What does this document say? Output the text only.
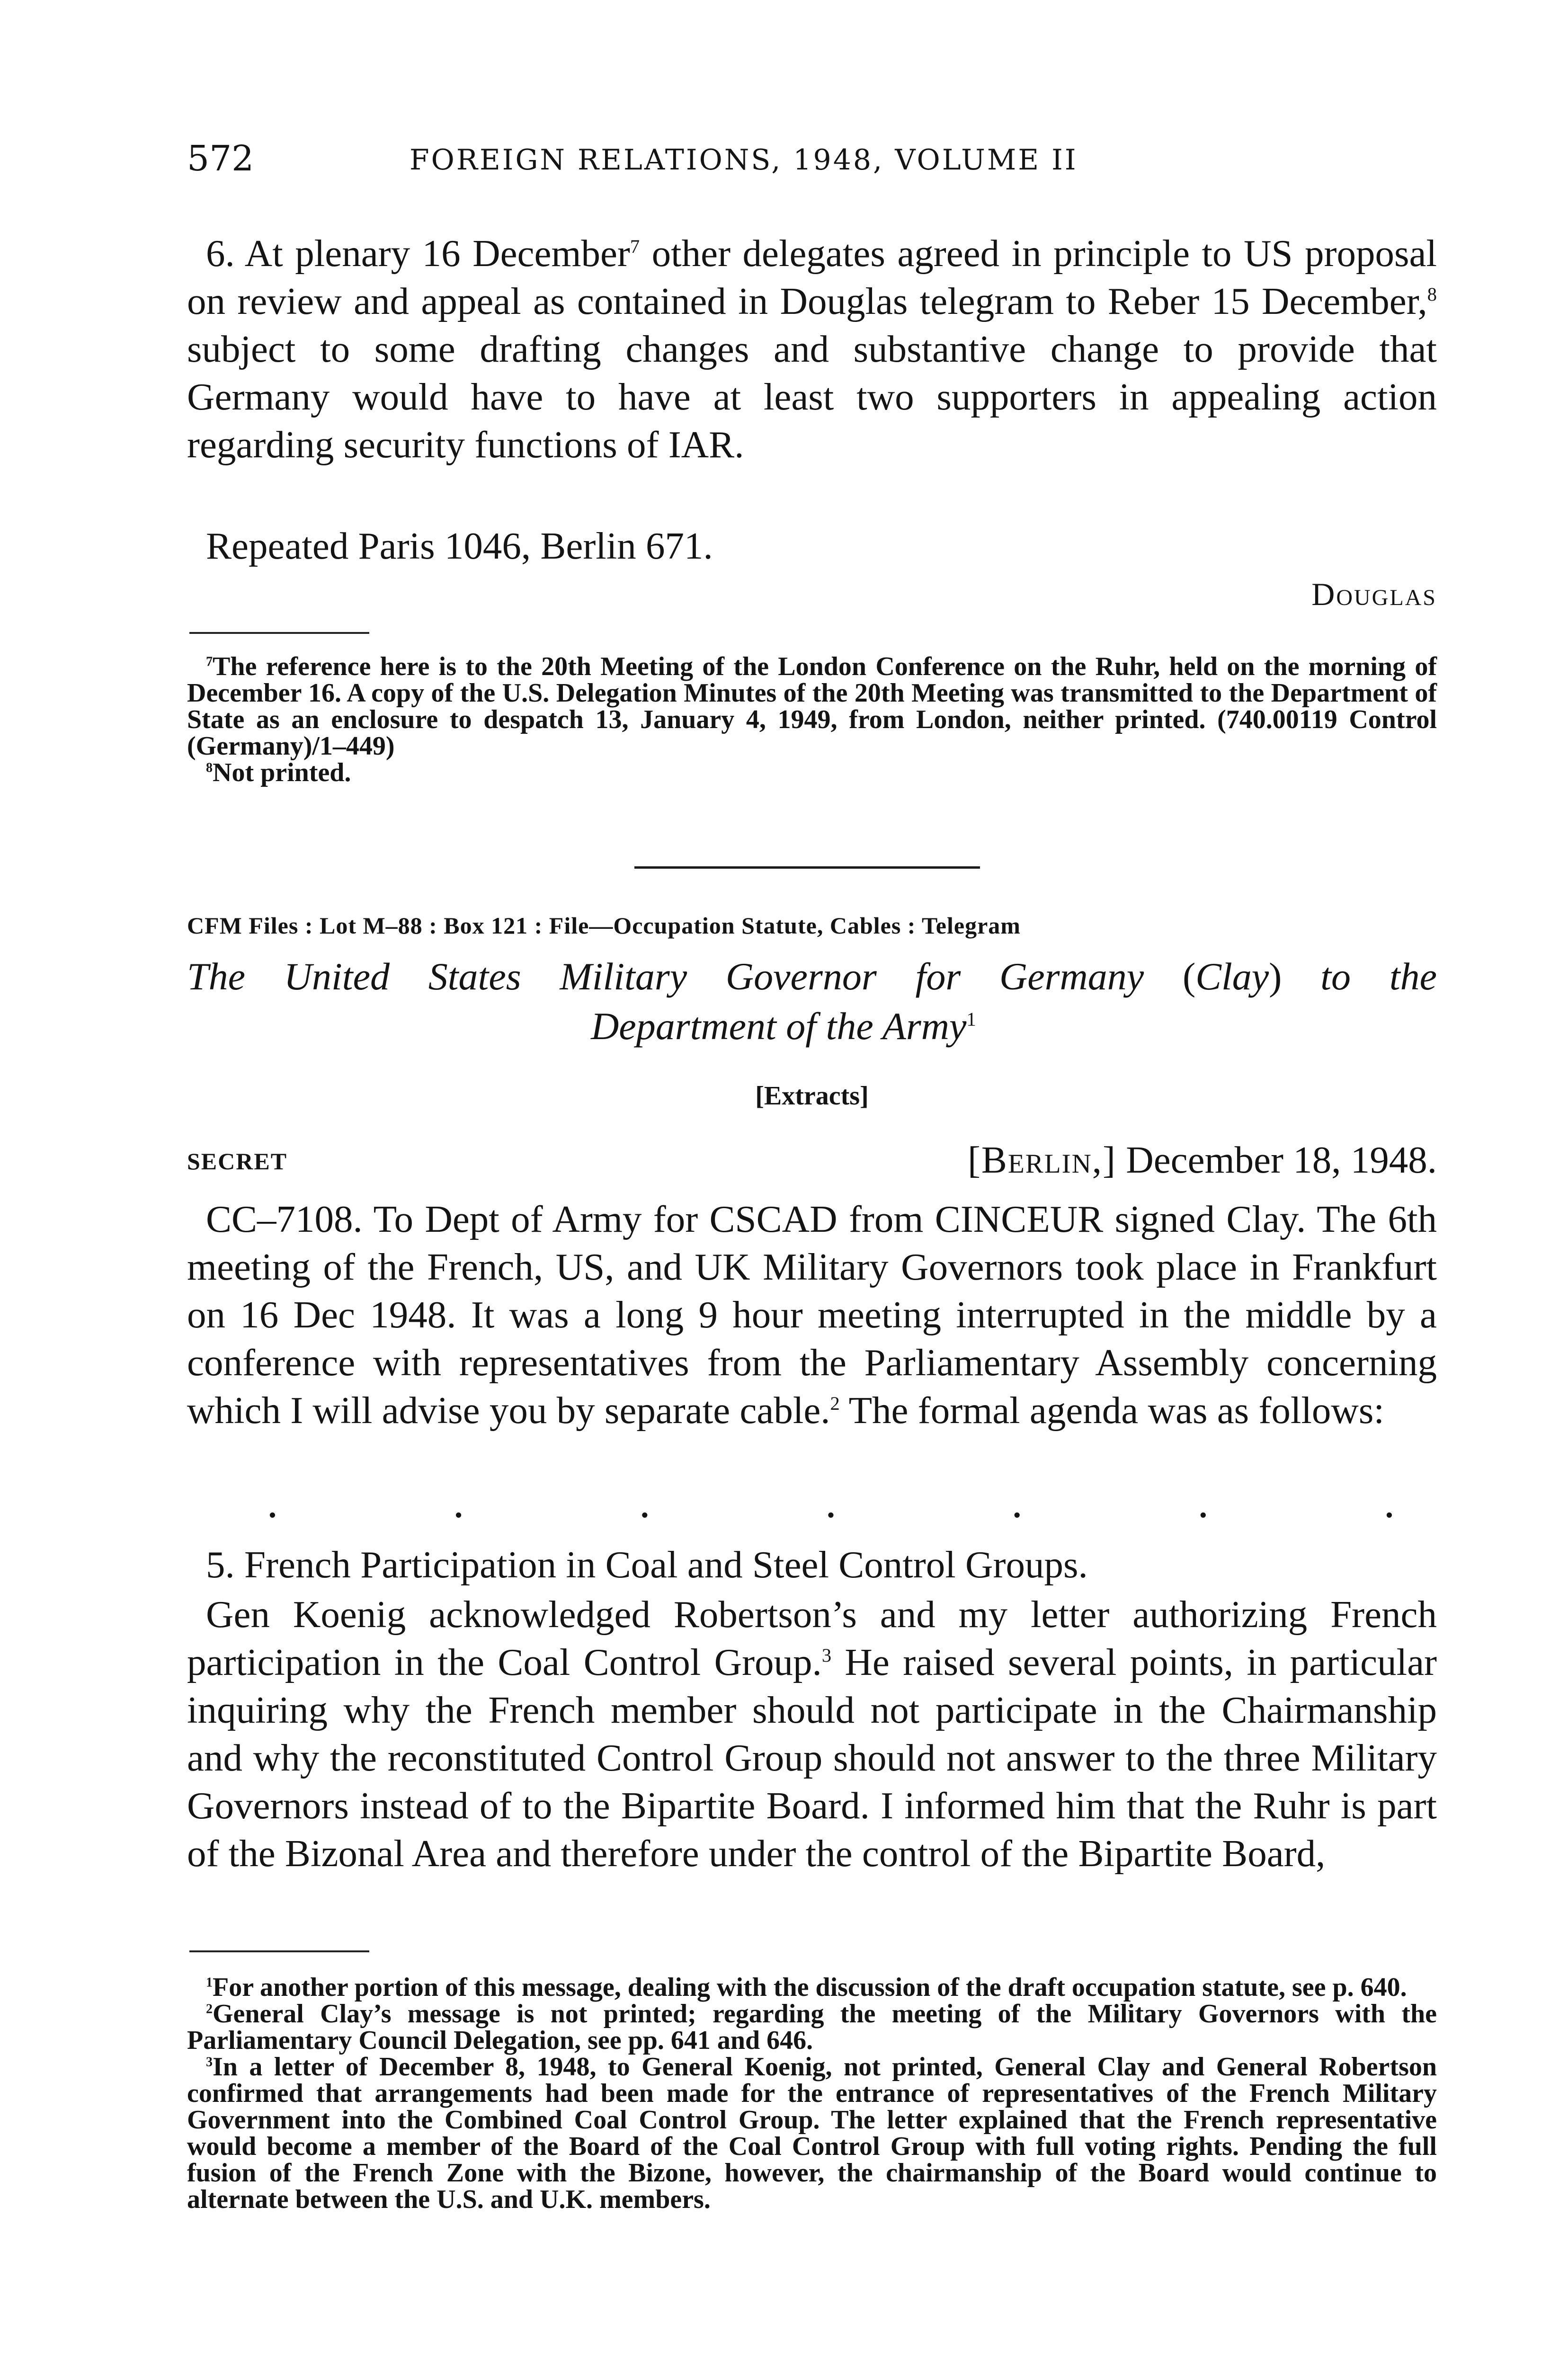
572	FOREIGN RELATIONS, 1948, VOLUME II

6. At plenary 16 December$^7$ other delegates agreed in principle to US proposal on review and appeal as contained in Douglas telegram to Reber 15 December,$^8$ subject to some drafting changes and substantive change to provide that Germany would have to have at least two supporters in appealing action regarding security functions of IAR.

Repeated Paris 1046, Berlin 671.

Douglas

$^7$The reference here is to the 20th Meeting of the London Conference on the Ruhr, held on the morning of December 16. A copy of the U.S. Delegation Minutes of the 20th Meeting was transmitted to the Department of State as an enclosure to despatch 13, January 4, 1949, from London, neither printed. (740.00119 Control (Germany)/1–449)

$^8$Not printed.

CFM Files : Lot M–88 : Box 121 : File—Occupation Statute, Cables : Telegram
The United States Military Governor for Germany (Clay) to the
Department of the Army$^1$
[Extracts]
SECRET	[Berlin,] December 18, 1948.

CC–7108. To Dept of Army for CSCAD from CINCEUR signed Clay. The 6th meeting of the French, US, and UK Military Governors took place in Frankfurt on 16 Dec 1948. It was a long 9 hour meeting interrupted in the middle by a conference with representatives from the Parliamentary Assembly concerning which I will advise you by separate cable.$^2$ The formal agenda was as follows:

.	.	.	.	.	.	.

5. French Participation in Coal and Steel Control Groups.

Gen Koenig acknowledged Robertson’s and my letter authorizing French participation in the Coal Control Group.$^3$ He raised several points, in particular inquiring why the French member should not participate in the Chairmanship and why the reconstituted Control Group should not answer to the three Military Governors instead of to the Bipartite Board. I informed him that the Ruhr is part of the Bizonal Area and therefore under the control of the Bipartite Board,

$^1$For another portion of this message, dealing with the discussion of the draft occupation statute, see p. 640.

$^2$General Clay’s message is not printed; regarding the meeting of the Military Governors with the Parliamentary Council Delegation, see pp. 641 and 646.

$^3$In a letter of December 8, 1948, to General Koenig, not printed, General Clay and General Robertson confirmed that arrangements had been made for the entrance of representatives of the French Military Government into the Combined Coal Control Group. The letter explained that the French representative would become a member of the Board of the Coal Control Group with full voting rights. Pending the full fusion of the French Zone with the Bizone, however, the chairmanship of the Board would continue to alternate between the U.S. and U.K. members.
